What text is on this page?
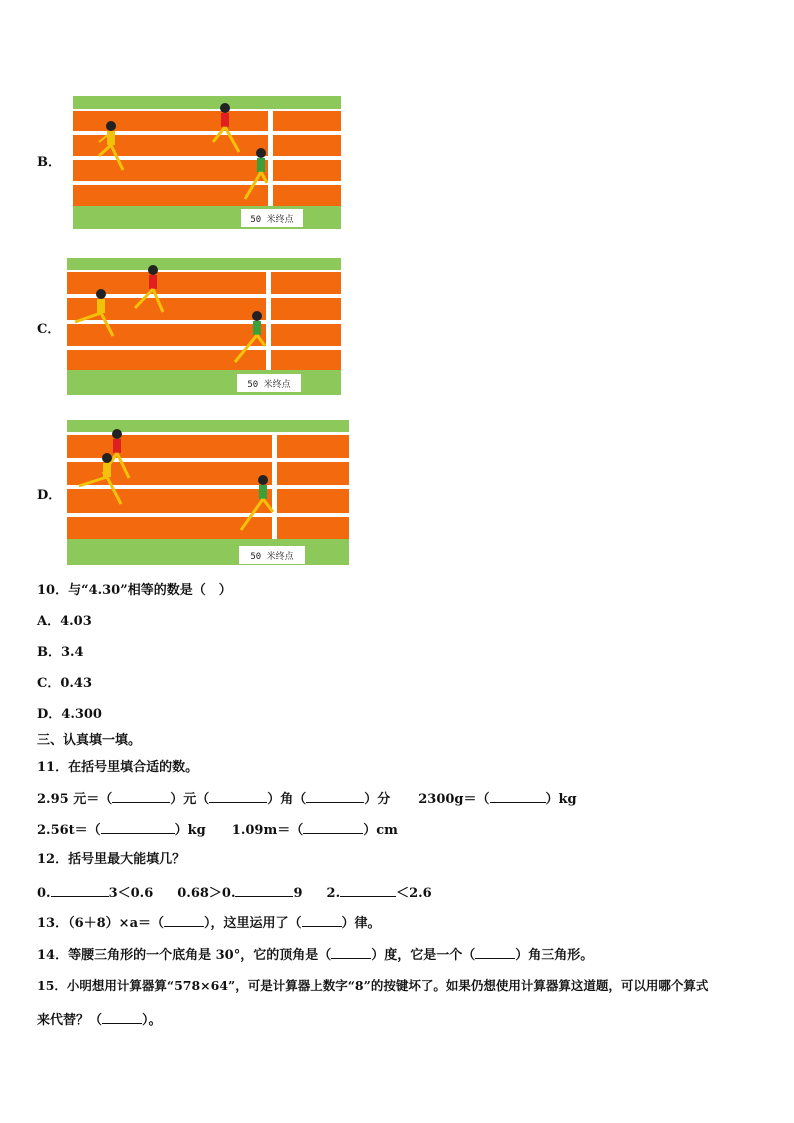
B．
50 米终点
C．
50 米终点
D．
50 米终点
10．与“4.30”相等的数是（　）
A．4.03
B．3.4
C．0.43
D．4.300
三、认真填一填。
11．在括号里填合适的数。
2.95 元＝（	）元（	）角（	）分 2300g＝（	）kg
2.56t＝（	）kg 1.09m＝（	）cm
12．括号里最大能填几？
0.	3＜0.6 0.68＞0.	9 2.	＜2.6
13．（6＋8）×a＝（	），这里运用了（	）律。
14．等腰三角形的一个底角是 30°，它的顶角是（	）度，它是一个（	）角三角形。
15．小明想用计算器算“578×64”，可是计算器上数字“8”的按键坏了。如果仍想使用计算器算这道题，可以用哪个算式
来代替？（	）。
